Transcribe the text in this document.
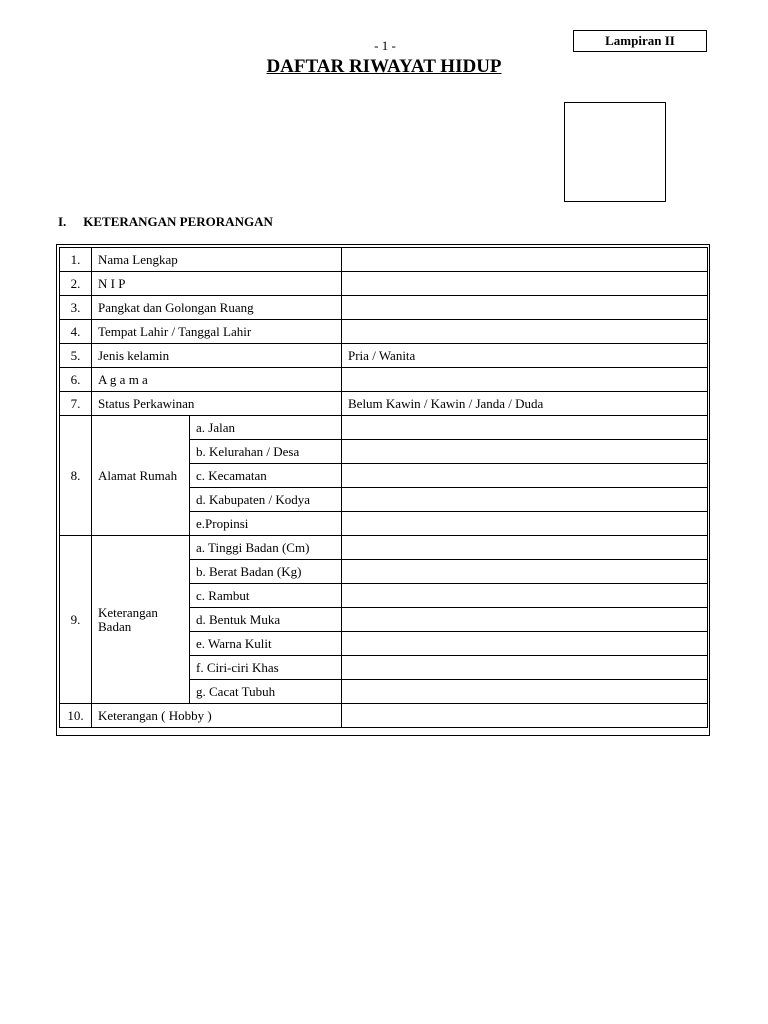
- 1 -	Lampiran II
DAFTAR RIWAYAT HIDUP
I. KETERANGAN PERORANGAN
1.	Nama Lengkap		
2.	N I P		
3.	Pangkat dan Golongan Ruang		
4.	Tempat Lahir / Tanggal Lahir		
5.	Jenis kelamin		Pria / Wanita
6.	A g a m a		
7.	Status Perkawinan		Belum Kawin / Kawin / Janda / Duda
8.	Alamat Rumah	a. Jalan	
		b. Kelurahan / Desa	
		c. Kecamatan	
		d. Kabupaten / Kodya	
		e.Propinsi	
9.	Keterangan Badan	a. Tinggi Badan (Cm)	
		b. Berat Badan (Kg)	
		c. Rambut	
		d. Bentuk Muka	
		e. Warna Kulit	
		f. Ciri-ciri Khas	
		g. Cacat Tubuh	
10.	Keterangan ( Hobby )		
